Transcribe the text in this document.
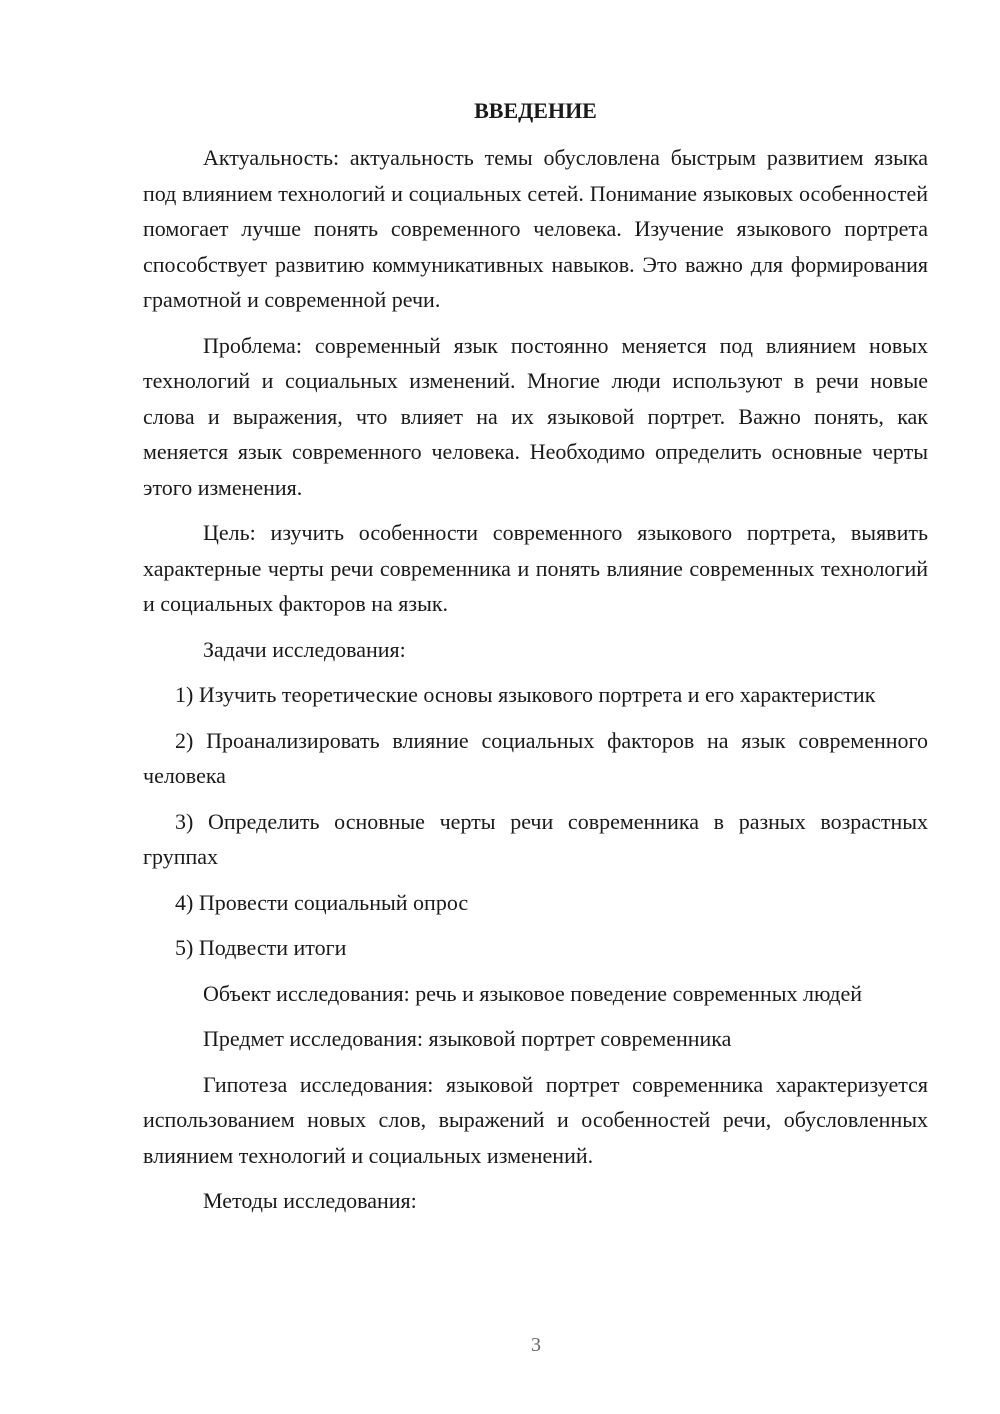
ВВЕДЕНИЕ

Актуальность: актуальность темы обусловлена быстрым развитием языка под влиянием технологий и социальных сетей. Понимание языковых особенностей помогает лучше понять современного человека. Изучение языкового портрета способствует развитию коммуникативных навыков. Это важно для формирования грамотной и современной речи.

Проблема: современный язык постоянно меняется под влиянием новых технологий и социальных изменений. Многие люди используют в речи новые слова и выражения, что влияет на их языковой портрет. Важно понять, как меняется язык современного человека. Необходимо определить основные черты этого изменения.

Цель: изучить особенности современного языкового портрета, выявить характерные черты речи современника и понять влияние современных технологий и социальных факторов на язык.

Задачи исследования:

1) Изучить теоретические основы языкового портрета и его характеристик

2) Проанализировать влияние социальных факторов на язык современного человека

3) Определить основные черты речи современника в разных возрастных группах

4) Провести социальный опрос

5) Подвести итоги

Объект исследования: речь и языковое поведение современных людей

Предмет исследования: языковой портрет современника

Гипотеза исследования: языковой портрет современника характеризуется использованием новых слов, выражений и особенностей речи, обусловленных влиянием технологий и социальных изменений.

Методы исследования:

3
